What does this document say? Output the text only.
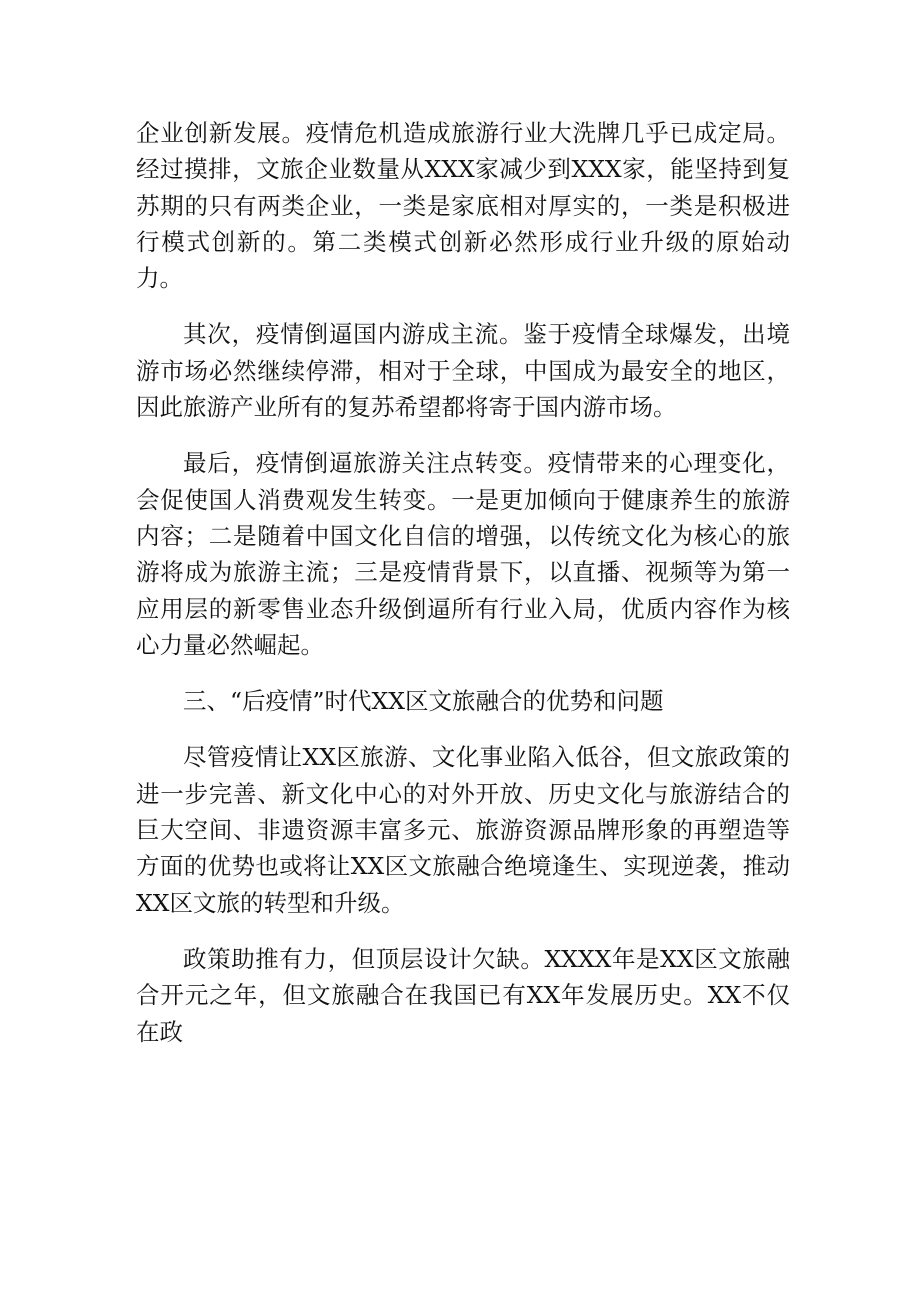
企业创新发展。疫情危机造成旅游行业大洗牌几乎已成定局。经过摸排，文旅企业数量从XXX家减少到XXX家，能坚持到复苏期的只有两类企业，一类是家底相对厚实的，一类是积极进行模式创新的。第二类模式创新必然形成行业升级的原始动力。

其次，疫情倒逼国内游成主流。鉴于疫情全球爆发，出境游市场必然继续停滞，相对于全球，中国成为最安全的地区，因此旅游产业所有的复苏希望都将寄于国内游市场。

最后，疫情倒逼旅游关注点转变。疫情带来的心理变化，会促使国人消费观发生转变。一是更加倾向于健康养生的旅游内容；二是随着中国文化自信的增强，以传统文化为核心的旅游将成为旅游主流；三是疫情背景下，以直播、视频等为第一应用层的新零售业态升级倒逼所有行业入局，优质内容作为核心力量必然崛起。

三、“后疫情”时代XX区文旅融合的优势和问题

尽管疫情让XX区旅游、文化事业陷入低谷，但文旅政策的进一步完善、新文化中心的对外开放、历史文化与旅游结合的巨大空间、非遗资源丰富多元、旅游资源品牌形象的再塑造等方面的优势也或将让XX区文旅融合绝境逢生、实现逆袭，推动XX区文旅的转型和升级。

政策助推有力，但顶层设计欠缺。XXXX年是XX区文旅融合开元之年，但文旅融合在我国已有XX年发展历史。XX不仅在政
